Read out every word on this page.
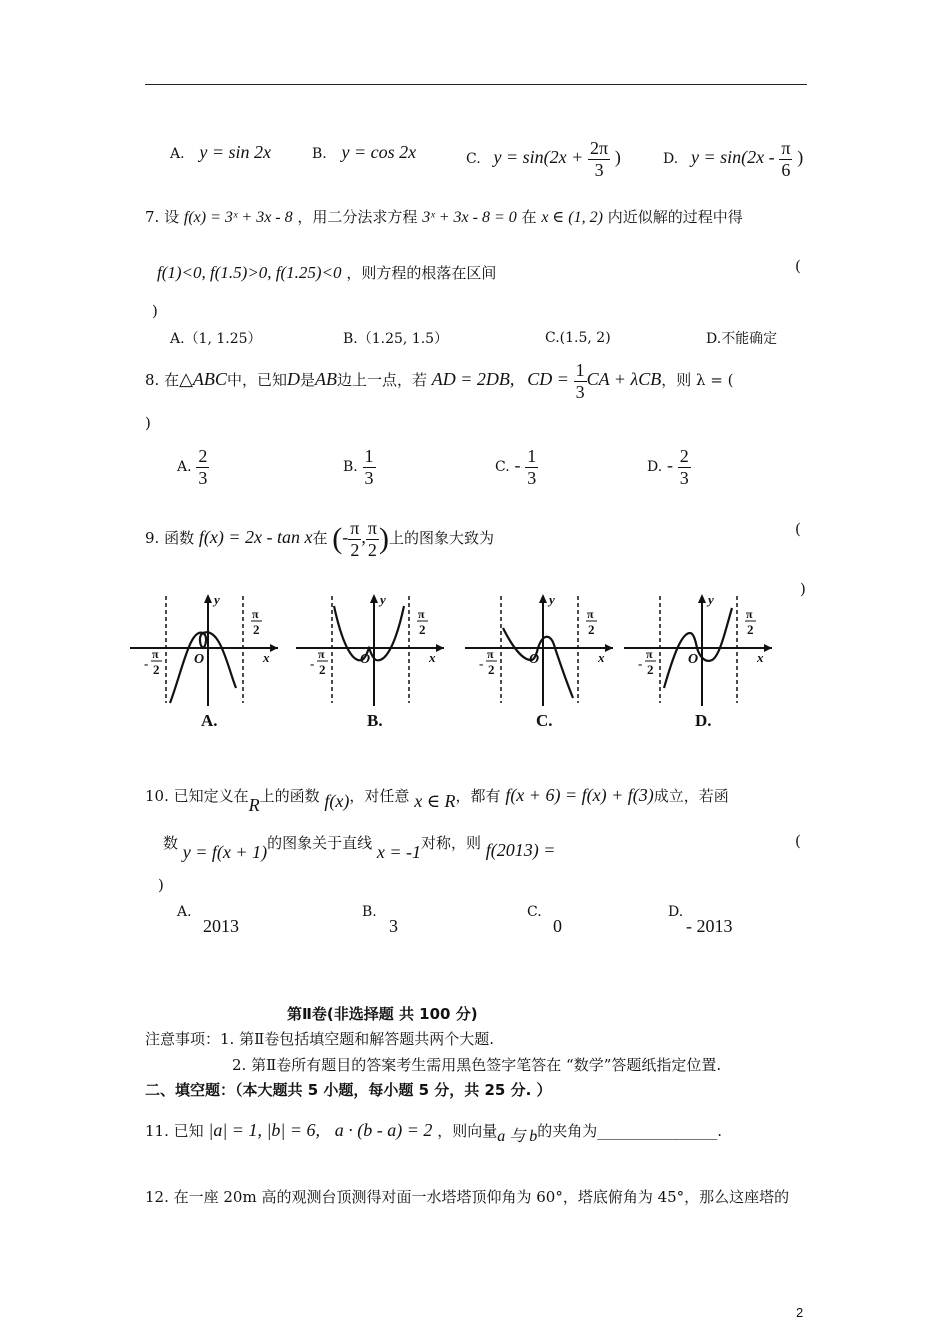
A. y = sin 2x	B. y = cos 2x	C. $y = \sin(2x + \frac{2\pi}{3}$ )	D. $y = \sin(2x - \frac{\pi}{6}$ )
7. 设 f(x) = 3ˣ + 3x - 8 ，用二分法求方程 3ˣ + 3x - 8 = 0 在 x ∈ (1, 2) 内近似解的过程中得
f(1)<0, f(1.5)>0, f(1.25)<0 ，则方程的根落在区间	(
)
A.（1, 1.25）	B.（1.25, 1.5）	C.(1.5, 2)	D.不能确定
8. 在△ABC中，已知D是AB边上一点，若 AD = 2DB, CD = $\frac{1}{3}$ CA + λCB，则 λ = (
)
A. $\frac{2}{3}$	B. $\frac{1}{3}$	C. - $\frac{1}{3}$	D. - $\frac{2}{3}$
9. 函数 f(x) = 2x - tan x在 (- $\frac{\pi}{2}$ , $\frac{\pi}{2}$ )上的图象大致为
(
)
y
x
O
π
2
-
π
2
A.
y
x
O
π
2
-
π
2
B.
y
x
O
π
2
-
π
2
C.
y
x
O
π
2
-
π
2
D.
10. 已知定义在R上的函数 f(x)，对任意 x ∈ R，都有 f(x + 6) = f(x) + f(3)成立，若函
数 y = f(x + 1)的图象关于直线 x = -1对称，则 f(2013) =	(
)
A.
2013
B.
3
C.
0
D.
- 2013
第Ⅱ卷(非选择题 共 100 分)
注意事项：1. 第Ⅱ卷包括填空题和解答题共两个大题.
2. 第Ⅱ卷所有题目的答案考生需用黑色签字笔答在 “数学”答题纸指定位置.
二、填空题：（本大题共 5 小题，每小题 5 分，共 25 分. ）
11. 已知 |a| = 1, |b| = 6, a · (b - a) = 2 ，则向量a 与 b的夹角为________________.
12. 在一座 20m 高的观测台顶测得对面一水塔塔顶仰角为 60°，塔底俯角为 45°，那么这座塔的
2
